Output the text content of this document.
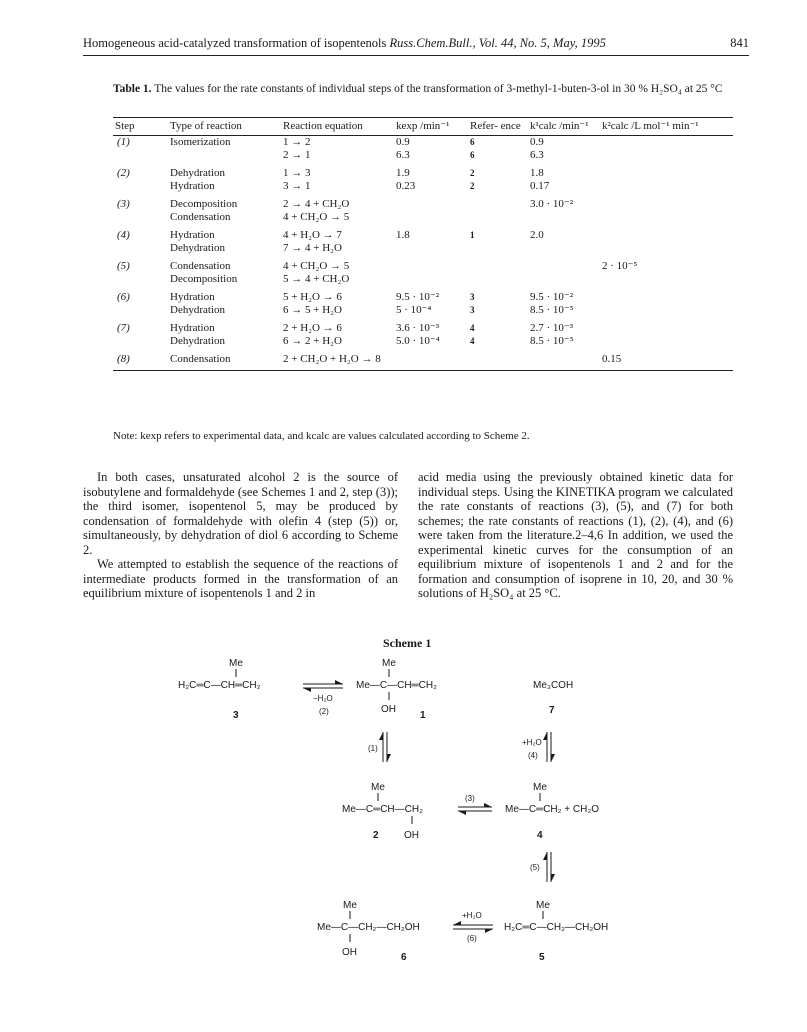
Homogeneous acid-catalyzed transformation of isopentenols Russ.Chem.Bull., Vol. 44, No. 5, May, 1995	841
Table 1. The values for the rate constants of individual steps of the transformation of 3-methyl-1-buten-3-ol in 30 % H₂SO₄ at 25 °C
Step	Type of reaction	Reaction equation	kexp /min⁻¹	Refer- ence	k¹calc /min⁻¹	k²calc /L mol⁻¹ min⁻¹
(1)	Isomerization	1 → 2	0.9	6	0.9	
		2 → 1	6.3	6	6.3	
(2)	Dehydration	1 → 3	1.9	2	1.8	
	Hydration	3 → 1	0.23	2	0.17	
(3)	Decomposition	2 → 4 + CH₂O			3.0 · 10⁻²	
	Condensation	4 + CH₂O → 5				
(4)	Hydration	4 + H₂O → 7	1.8	1	2.0	
	Dehydration	7 → 4 + H₂O				
(5)	Condensation	4 + CH₂O → 5				2 · 10⁻⁵
	Decomposition	5 → 4 + CH₂O				
(6)	Hydration	5 + H₂O → 6	9.5 · 10⁻²	3	9.5 · 10⁻²	
	Dehydration	6 → 5 + H₂O	5 · 10⁻⁴	3	8.5 · 10⁻⁵	
(7)	Hydration	2 + H₂O → 6	3.6 · 10⁻³	4	2.7 · 10⁻³	
	Dehydration	6 → 2 + H₂O	5.0 · 10⁻⁴	4	8.5 · 10⁻⁵	
(8)	Condensation	2 + CH₂O + H₂O → 8				0.15
Note: kexp refers to experimental data, and kcalc are values calculated according to Scheme 2.

In both cases, unsaturated alcohol 2 is the source of isobutylene and formaldehyde (see Schemes 1 and 2, step (3)); the third isomer, isopentenol 5, may be produced by condensation of formaldehyde with olefin 4 (step (5)) or, simultaneously, by dehydration of diol 6 according to Scheme 2.

We attempted to establish the sequence of the reactions of intermediate products formed in the transformation of an equilibrium mixture of isopentenols 1 and 2 in

acid media using the previously obtained kinetic data for individual steps. Using the KINETIKA program we calculated the rate constants of reactions (3), (5), and (7) for both schemes; the rate constants of reactions (1), (2), (4), and (6) were taken from the literature.2–4,6 In addition, we used the experimental kinetic curves for the consumption of an equilibrium mixture of isopentenols 1 and 2 and for the formation and consumption of isoprene in 10, 20, and 30 % solutions of H₂SO₄ at 25 °C.

Scheme 1
Me
H₂C═C—CH═CH₂
3
−H₂O
(2)
Me
Me—C—CH═CH₂
OH
1
Me₃COH
7
(1)
+H₂O
(4)
Me
Me—C═CH—CH₂
OH
2
(3)
Me
Me—C═CH₂ + CH₂O
4
(5)
Me
Me—C—CH₂—CH₂OH
OH	6
+H₂O
(6)
Me
H₂C═C—CH₂—CH₂OH
5
